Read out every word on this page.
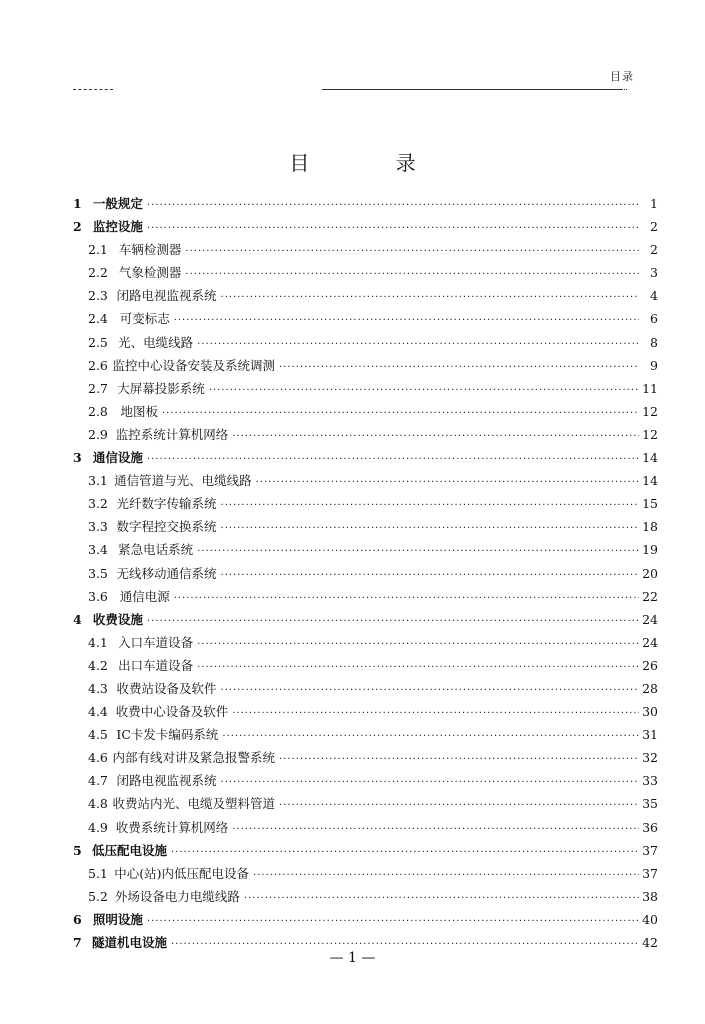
目录
目 录
1 一般规定 ·····	1
2 监控设施 ·····	2
2.1 车辆检测器 ·····	2
2.2 气象检测器 ·····	3
2.3 闭路电视监视系统 ·····	4
2.4 可变标志 ·····	6
2.5 光、电缆线路 ·····	8
2.6 监控中心设备安装及系统调测 ·····	9
2.7 大屏幕投影系统 ·····	11
2.8	地图板 ·····	12
2.9 监控系统计算机网络 ·····	12
3 通信设施 ·····	14
3.1 通信管道与光、电缆线路 ·····	14
3.2 光纤数字传输系统 ·····	15
3.3 数字程控交换系统 ·····	18
3.4 紧急电话系统 ·····	19
3.5 无线移动通信系统 ·····	20
3.6 通信电源 ·····	22
4 收费设施 ·····	24
4.1 入口车道设备 ·····	24
4.2 出口车道设备 ·····	26
4.3 收费站设备及软件 ·····	28
4.4 收费中心设备及软件 ·····	30
4.5 IC卡发卡编码系统 ·····	31
4.6 内部有线对讲及紧急报警系统 ·····	32
4.7 闭路电视监视系统 ·····	33
4.8 收费站内光、电缆及塑料管道 ·····	35
4.9 收费系统计算机网络 ·····	36
5 低压配电设施 ·····	37
5.1 中心(站)内低压配电设备 ·····	37
5.2 外场设备电力电缆线路 ·····	38
6 照明设施 ·····	40
7 隧道机电设施 ·····	42
— 1 —
